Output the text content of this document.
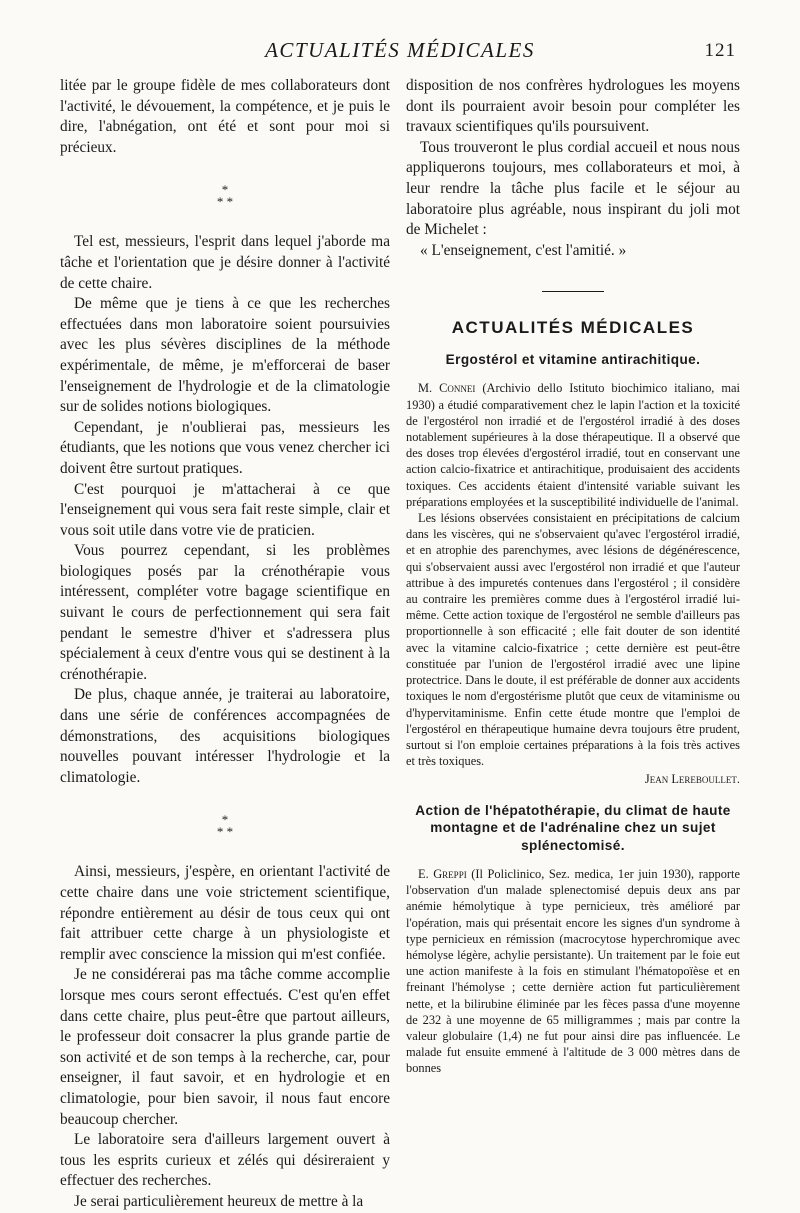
ACTUALITÉS MÉDICALES	121

litée par le groupe fidèle de mes collaborateurs dont l'activité, le dévouement, la compétence, et je puis le dire, l'abnégation, ont été et sont pour moi si précieux.

*
* *

Tel est, messieurs, l'esprit dans lequel j'aborde ma tâche et l'orientation que je désire donner à l'activité de cette chaire.

De même que je tiens à ce que les recherches effectuées dans mon laboratoire soient poursuivies avec les plus sévères disciplines de la méthode expérimentale, de même, je m'efforcerai de baser l'enseignement de l'hydrologie et de la climatologie sur de solides notions biologiques.

Cependant, je n'oublierai pas, messieurs les étudiants, que les notions que vous venez chercher ici doivent être surtout pratiques.

C'est pourquoi je m'attacherai à ce que l'enseignement qui vous sera fait reste simple, clair et vous soit utile dans votre vie de praticien.

Vous pourrez cependant, si les problèmes biologiques posés par la crénothérapie vous intéressent, compléter votre bagage scientifique en suivant le cours de perfectionnement qui sera fait pendant le semestre d'hiver et s'adressera plus spécialement à ceux d'entre vous qui se destinent à la crénothérapie.

De plus, chaque année, je traiterai au laboratoire, dans une série de conférences accompagnées de démonstrations, des acquisitions biologiques nouvelles pouvant intéresser l'hydrologie et la climatologie.

*
* *

Ainsi, messieurs, j'espère, en orientant l'activité de cette chaire dans une voie strictement scientifique, répondre entièrement au désir de tous ceux qui ont fait attribuer cette charge à un physiologiste et remplir avec conscience la mission qui m'est confiée.

Je ne considérerai pas ma tâche comme accomplie lorsque mes cours seront effectués. C'est qu'en effet dans cette chaire, plus peut-être que partout ailleurs, le professeur doit consacrer la plus grande partie de son activité et de son temps à la recherche, car, pour enseigner, il faut savoir, et en hydrologie et en climatologie, pour bien savoir, il nous faut encore beaucoup chercher.

Le laboratoire sera d'ailleurs largement ouvert à tous les esprits curieux et zélés qui désireraient y effectuer des recherches.

Je serai particulièrement heureux de mettre à la

disposition de nos confrères hydrologues les moyens dont ils pourraient avoir besoin pour compléter les travaux scientifiques qu'ils poursuivent.

Tous trouveront le plus cordial accueil et nous nous appliquerons toujours, mes collaborateurs et moi, à leur rendre la tâche plus facile et le séjour au laboratoire plus agréable, nous inspirant du joli mot de Michelet :

« L'enseignement, c'est l'amitié. »

ACTUALITÉS MÉDICALES
Ergostérol et vitamine antirachitique.

M. Connei (Archivio dello Istituto biochimico italiano, mai 1930) a étudié comparativement chez le lapin l'action et la toxicité de l'ergostérol non irradié et de l'ergostérol irradié à des doses notablement supérieures à la dose thérapeutique. Il a observé que des doses trop élevées d'ergostérol irradié, tout en conservant une action calcio-fixatrice et antirachitique, produisaient des accidents toxiques. Ces accidents étaient d'intensité variable suivant les préparations employées et la susceptibilité individuelle de l'animal.

Les lésions observées consistaient en précipitations de calcium dans les viscères, qui ne s'observaient qu'avec l'ergostérol irradié, et en atrophie des parenchymes, avec lésions de dégénérescence, qui s'observaient aussi avec l'ergostérol non irradié et que l'auteur attribue à des impuretés contenues dans l'ergostérol ; il considère au contraire les premières comme dues à l'ergostérol irradié lui-même. Cette action toxique de l'ergostérol ne semble d'ailleurs pas proportionnelle à son efficacité ; elle fait douter de son identité avec la vitamine calcio-fixatrice ; cette dernière est peut-être constituée par l'union de l'ergostérol irradié avec une lipine protectrice. Dans le doute, il est préférable de donner aux accidents toxiques le nom d'ergostérisme plutôt que ceux de vitaminisme ou d'hypervitaminisme. Enfin cette étude montre que l'emploi de l'ergostérol en thérapeutique humaine devra toujours être prudent, surtout si l'on emploie certaines préparations à la fois très actives et très toxiques.

Jean Lereboullet.
Action de l'hépatothérapie, du climat de haute montagne et de l'adrénaline chez un sujet splénectomisé.

E. Greppi (Il Policlinico, Sez. medica, 1er juin 1930), rapporte l'observation d'un malade splenectomisé depuis deux ans par anémie hémolytique à type pernicieux, très amélioré par l'opération, mais qui présentait encore les signes d'un syndrome à type pernicieux en rémission (macrocytose hyperchromique avec hémolyse légère, achylie persistante). Un traitement par le foie eut une action manifeste à la fois en stimulant l'hématopoïèse et en freinant l'hémolyse ; cette dernière action fut particulièrement nette, et la bilirubine éliminée par les fèces passa d'une moyenne de 232 à une moyenne de 65 milligrammes ; mais par contre la valeur globulaire (1,4) ne fut pour ainsi dire pas influencée. Le malade fut ensuite emmené à l'altitude de 3 000 mètres dans de bonnes
